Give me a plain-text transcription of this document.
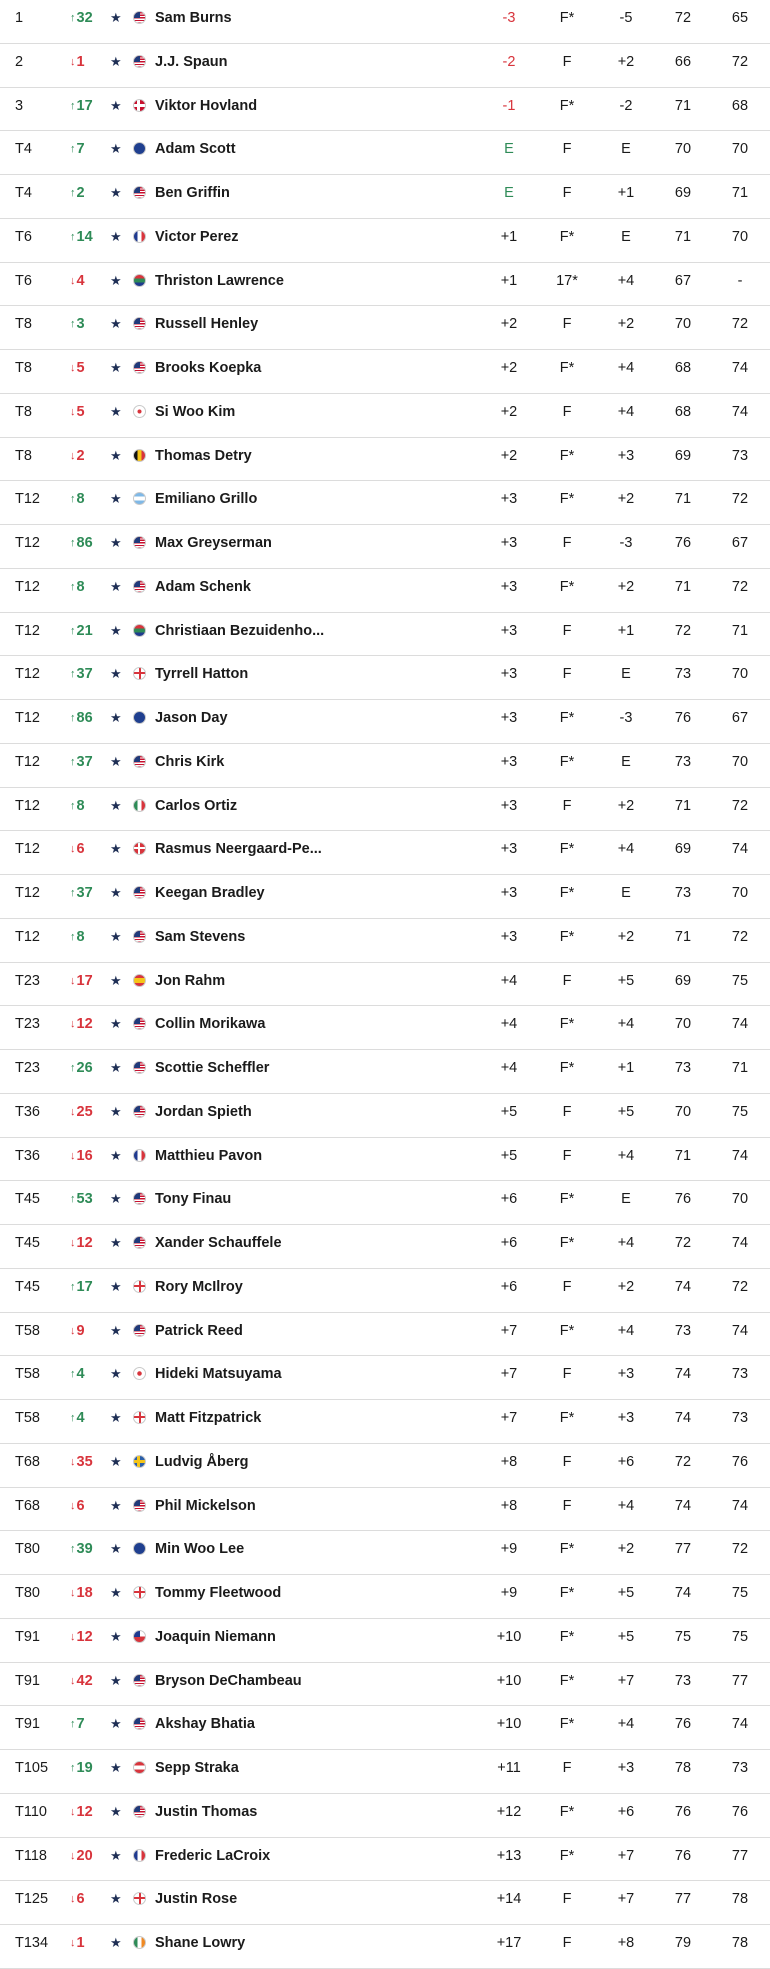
1	↑32	★ Sam Burns	-3	F*	-5	72	65
2	↓1	★ J.J. Spaun	-2	F	+2	66	72
3	↑17	★ Viktor Hovland	-1	F*	-2	71	68
T4	↑7	★ Adam Scott	E	F	E	70	70
T4	↑2	★ Ben Griffin	E	F	+1	69	71
T6	↑14	★ Victor Perez	+1	F*	E	71	70
T6	↓4	★ Thriston Lawrence	+1	17*	+4	67	-
T8	↑3	★ Russell Henley	+2	F	+2	70	72
T8	↓5	★ Brooks Koepka	+2	F*	+4	68	74
T8	↓5	★ Si Woo Kim	+2	F	+4	68	74
T8	↓2	★ Thomas Detry	+2	F*	+3	69	73
T12	↑8	★ Emiliano Grillo	+3	F*	+2	71	72
T12	↑86	★ Max Greyserman	+3	F	-3	76	67
T12	↑8	★ Adam Schenk	+3	F*	+2	71	72
T12	↑21	★ Christiaan Bezuidenho...	+3	F	+1	72	71
T12	↑37	★ Tyrrell Hatton	+3	F	E	73	70
T12	↑86	★ Jason Day	+3	F*	-3	76	67
T12	↑37	★ Chris Kirk	+3	F*	E	73	70
T12	↑8	★ Carlos Ortiz	+3	F	+2	71	72
T12	↓6	★ Rasmus Neergaard-Pe...	+3	F*	+4	69	74
T12	↑37	★ Keegan Bradley	+3	F*	E	73	70
T12	↑8	★ Sam Stevens	+3	F*	+2	71	72
T23	↓17	★ Jon Rahm	+4	F	+5	69	75
T23	↓12	★ Collin Morikawa	+4	F*	+4	70	74
T23	↑26	★ Scottie Scheffler	+4	F*	+1	73	71
T36	↓25	★ Jordan Spieth	+5	F	+5	70	75
T36	↓16	★ Matthieu Pavon	+5	F	+4	71	74
T45	↑53	★ Tony Finau	+6	F*	E	76	70
T45	↓12	★ Xander Schauffele	+6	F*	+4	72	74
T45	↑17	★ Rory McIlroy	+6	F	+2	74	72
T58	↓9	★ Patrick Reed	+7	F*	+4	73	74
T58	↑4	★ Hideki Matsuyama	+7	F	+3	74	73
T58	↑4	★ Matt Fitzpatrick	+7	F*	+3	74	73
T68	↓35	★ Ludvig Åberg	+8	F	+6	72	76
T68	↓6	★ Phil Mickelson	+8	F	+4	74	74
T80	↑39	★ Min Woo Lee	+9	F*	+2	77	72
T80	↓18	★ Tommy Fleetwood	+9	F*	+5	74	75
T91	↓12	★ Joaquin Niemann	+10	F*	+5	75	75
T91	↓42	★ Bryson DeChambeau	+10	F*	+7	73	77
T91	↑7	★ Akshay Bhatia	+10	F*	+4	76	74
T105	↑19	★ Sepp Straka	+11	F	+3	78	73
T110	↓12	★ Justin Thomas	+12	F*	+6	76	76
T118	↓20	★ Frederic LaCroix	+13	F*	+7	76	77
T125	↓6	★ Justin Rose	+14	F	+7	77	78
T134	↓1	★ Shane Lowry	+17	F	+8	79	78
